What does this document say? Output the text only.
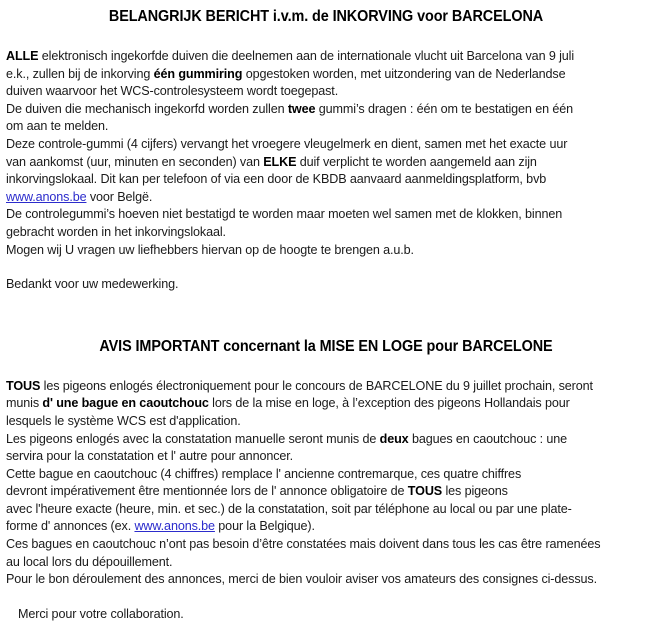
BELANGRIJK BERICHT i.v.m. de INKORVING voor BARCELONA

ALLE elektronisch ingekorfde duiven die deelnemen aan de internationale vlucht uit Barcelona van 9 juli

e.k., zullen bij de inkorving één gummiring opgestoken worden, met uitzondering van de Nederlandse

duiven waarvoor het WCS-controlesysteem wordt toegepast.

De duiven die mechanisch ingekorfd worden zullen twee gummi’s dragen : één om te bestatigen en één

om aan te melden.

Deze controle-gummi (4 cijfers) vervangt het vroegere vleugelmerk en dient, samen met het exacte uur

van aankomst (uur, minuten en seconden) van ELKE duif verplicht te worden aangemeld aan zijn

inkorvingslokaal. Dit kan per telefoon of via een door de KBDB aanvaard aanmeldingsplatform, bvb

www.anons.be voor Belgë.

De controlegummi’s hoeven niet bestatigd te worden maar moeten wel samen met de klokken, binnen

gebracht worden in het inkorvingslokaal.

Mogen wij U vragen uw liefhebbers hiervan op de hoogte te brengen a.u.b.

Bedankt voor uw medewerking.

AVIS IMPORTANT concernant la MISE EN LOGE pour BARCELONE

TOUS les pigeons enlogés électroniquement pour le concours de BARCELONE du 9 juillet prochain, seront

munis d' une bague en caoutchouc lors de la mise en loge, à l’exception des pigeons Hollandais pour

lesquels le système WCS est d'application.

Les pigeons enlogés avec la constatation manuelle seront munis de deux bagues en caoutchouc : une

servira pour la constatation et l' autre pour annoncer.

Cette bague en caoutchouc (4 chiffres) remplace l' ancienne contremarque, ces quatre chiffres

devront impérativement être mentionnée lors de l' annonce obligatoire de TOUS les pigeons

avec l'heure exacte (heure, min. et sec.) de la constatation, soit par téléphone au local ou par une plate-

forme d' annonces (ex. www.anons.be pour la Belgique).

Ces bagues en caoutchouc n’ont pas besoin d’être constatées mais doivent dans tous les cas être ramenées

au local lors du dépouillement.

Pour le bon déroulement des annonces, merci de bien vouloir aviser vos amateurs des consignes ci-dessus.

Merci pour votre collaboration.
